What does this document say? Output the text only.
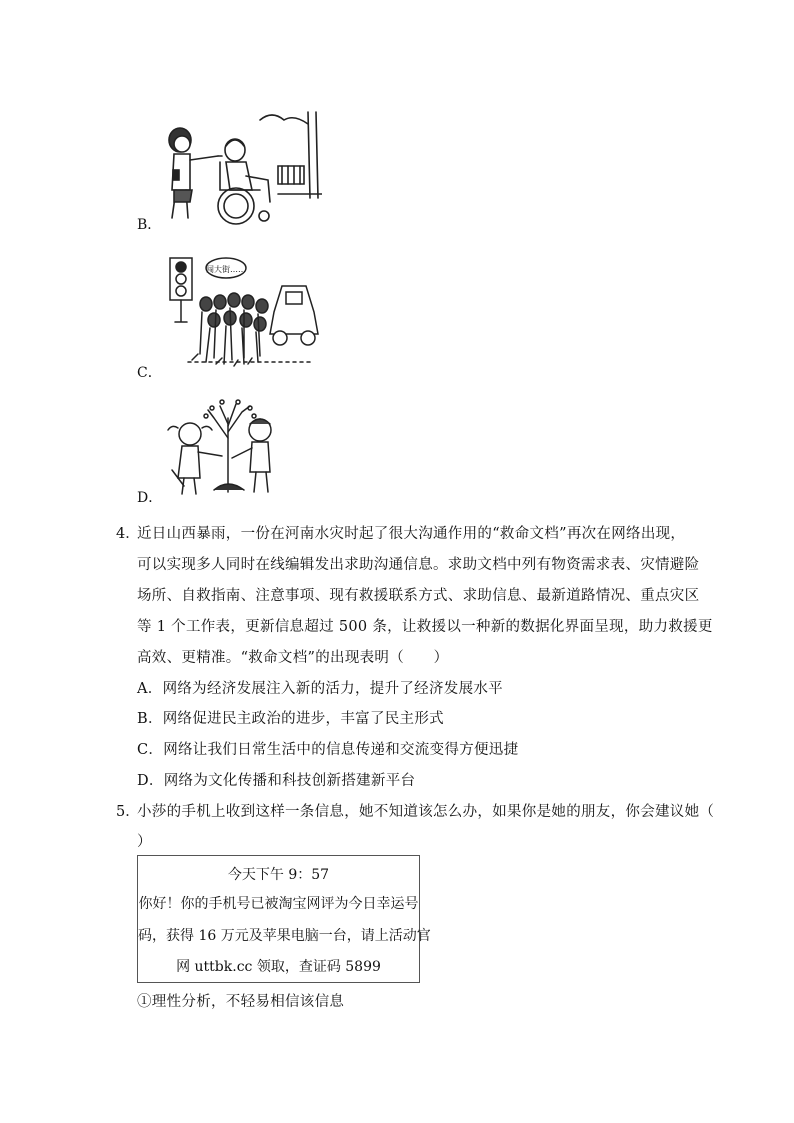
B．
闯大街……
C．
D．
4．
近日山西暴雨，一份在河南水灾时起了很大沟通作用的“救命文档”再次在网络出现，
可以实现多人同时在线编辑发出求助沟通信息。求助文档中列有物资需求表、灾情避险
场所、自救指南、注意事项、现有救援联系方式、求助信息、最新道路情况、重点灾区
等 1 个工作表，更新信息超过 500 条，让救援以一种新的数据化界面呈现，助力救援更
高效、更精准。“救命文档”的出现表明（　　）
A．网络为经济发展注入新的活力，提升了经济发展水平
B．网络促进民主政治的进步，丰富了民主形式
C．网络让我们日常生活中的信息传递和交流变得方便迅捷
D．网络为文化传播和科技创新搭建新平台
5．
小莎的手机上收到这样一条信息，她不知道该怎么办，如果你是她的朋友，你会建议她（
）
今天下午 9：57
你好！你的手机号已被淘宝网评为今日幸运号
码，获得 16 万元及苹果电脑一台，请上活动官
网 uttbk.cc 领取，查证码 5899
①理性分析，不轻易相信该信息
